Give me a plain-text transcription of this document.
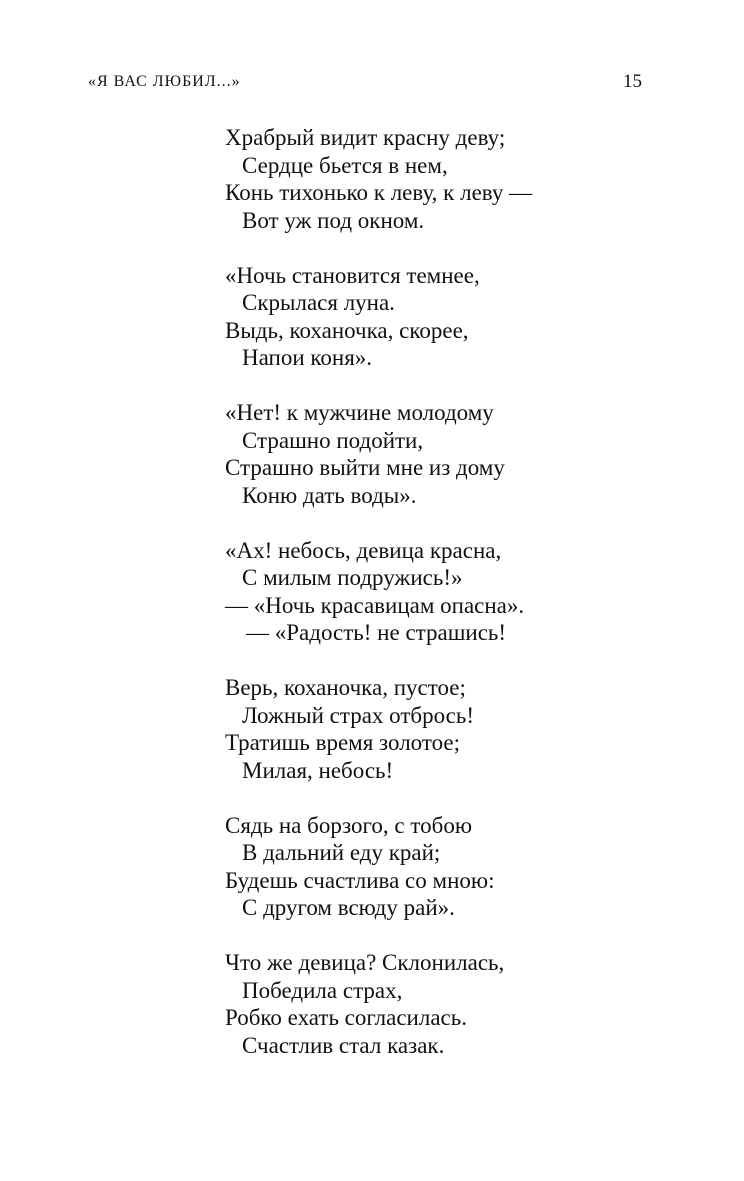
«Я ВАС ЛЮБИЛ...»	15
Храбрый видит красну деву;
Сердце бьется в нем,
Конь тихонько к леву, к леву —
Вот уж под окном.
«Ночь становится темнее,
Скрылася луна.
Выдь, коханочка, скорее,
Напои коня».
«Нет! к мужчине молодому
Страшно подойти,
Страшно выйти мне из дому
Коню дать воды».
«Ах! небось, девица красна,
С милым подружись!»
— «Ночь красавицам опасна».
— «Радость! не страшись!
Верь, коханочка, пустое;
Ложный страх отбрось!
Тратишь время золотое;
Милая, небось!
Сядь на борзого, с тобою
В дальний еду край;
Будешь счастлива со мною:
С другом всюду рай».
Что же девица? Склонилась,
Победила страх,
Робко ехать согласилась.
Счастлив стал казак.
